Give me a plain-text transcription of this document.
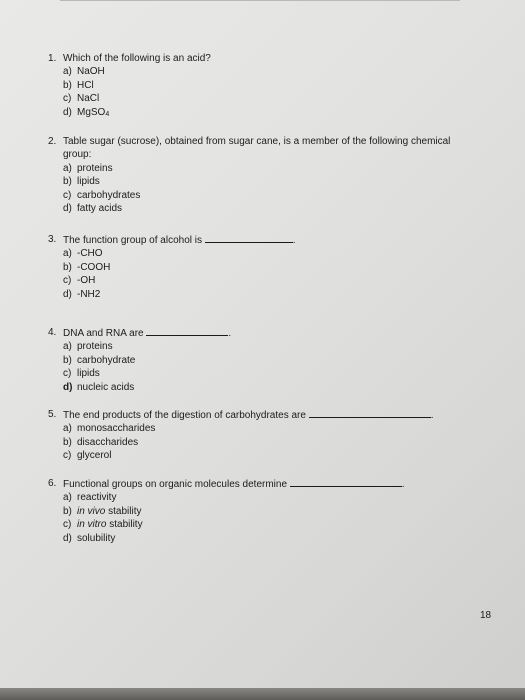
1. Which of the following is an acid?
a) NaOH
b) HCl
c) NaCl
d) MgSO$_4$
2. Table sugar (sucrose), obtained from sugar cane, is a member of the following chemical
group:
a) proteins
b) lipids
c) carbohydrates
d) fatty acids
3. The function group of alcohol is	.
a) -CHO
b) -COOH
c) -OH
d) -NH2
4. DNA and RNA are	.
a) proteins
b) carbohydrate
c) lipids
d) nucleic acids
5. The end products of the digestion of carbohydrates are	.
a) monosaccharides
b) disaccharides
c) glycerol
6. Functional groups on organic molecules determine	.
a) reactivity
b) in vivo stability
c) in vitro stability
d) solubility
18
